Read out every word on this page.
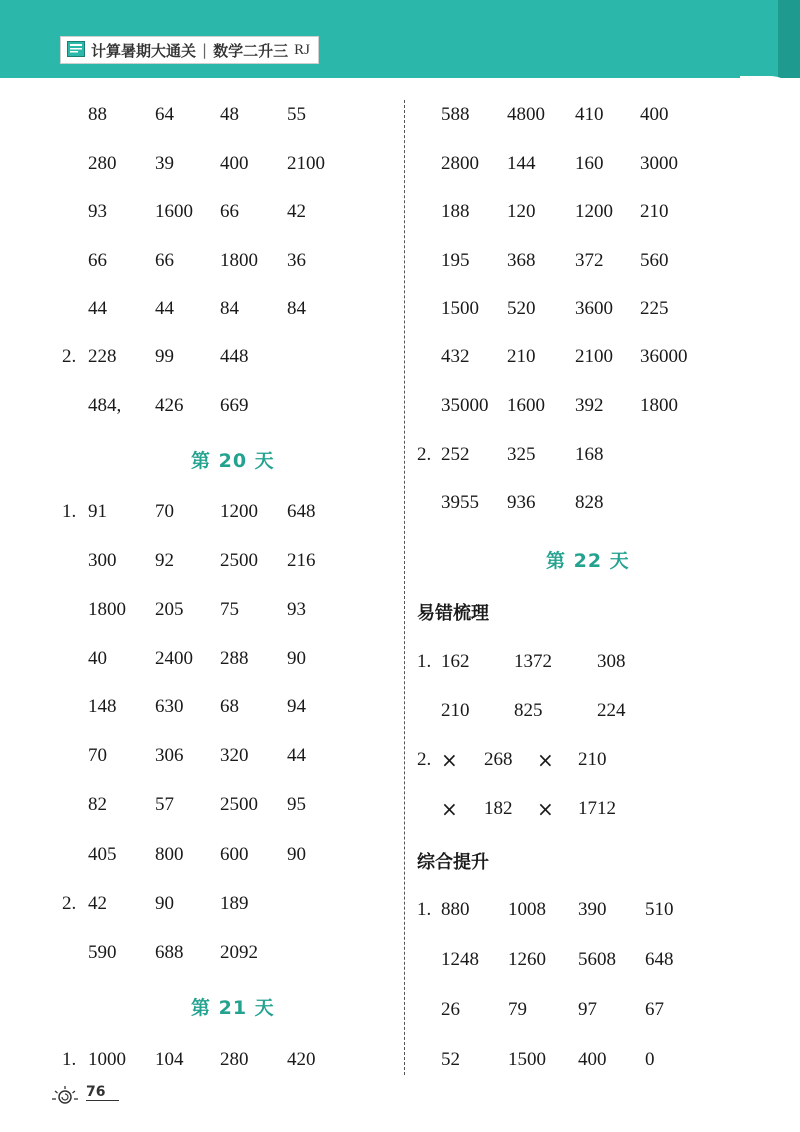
计算暑期大通关 | 数学二升三 RJ
88	64 48	55
280 39 400 2100
93	1600 66	42
66	66 1800 36
44	44 84	84
2. 228 99 448
484, 426 669
第 20 天
1. 91	70 1200 648
300 92 2500 216
1800 205 75	93
40	2400 288 90
148 630 68	94
70	306 320 44
82	57 2500 95
405 800 600 90
2. 42	90 189
590 688 2092
第 21 天
1. 1000 104 280 420
588 4800 410 400
2800 144 160 3000
188 120 1200 210
195 368 372 560
1500 520 3600 225
432 210 2100 36000
35000 1600 392 1800
2. 252 325 168
3955 936 828
第 22 天
易错梳理
1. 162 1372 308
210 825	224
2. × 268 × 210
× 182 × 1712
综合提升
1. 880 1008 390 510
1248 1260 5608 648
26	79	97	67
52	1500 400 0
76
